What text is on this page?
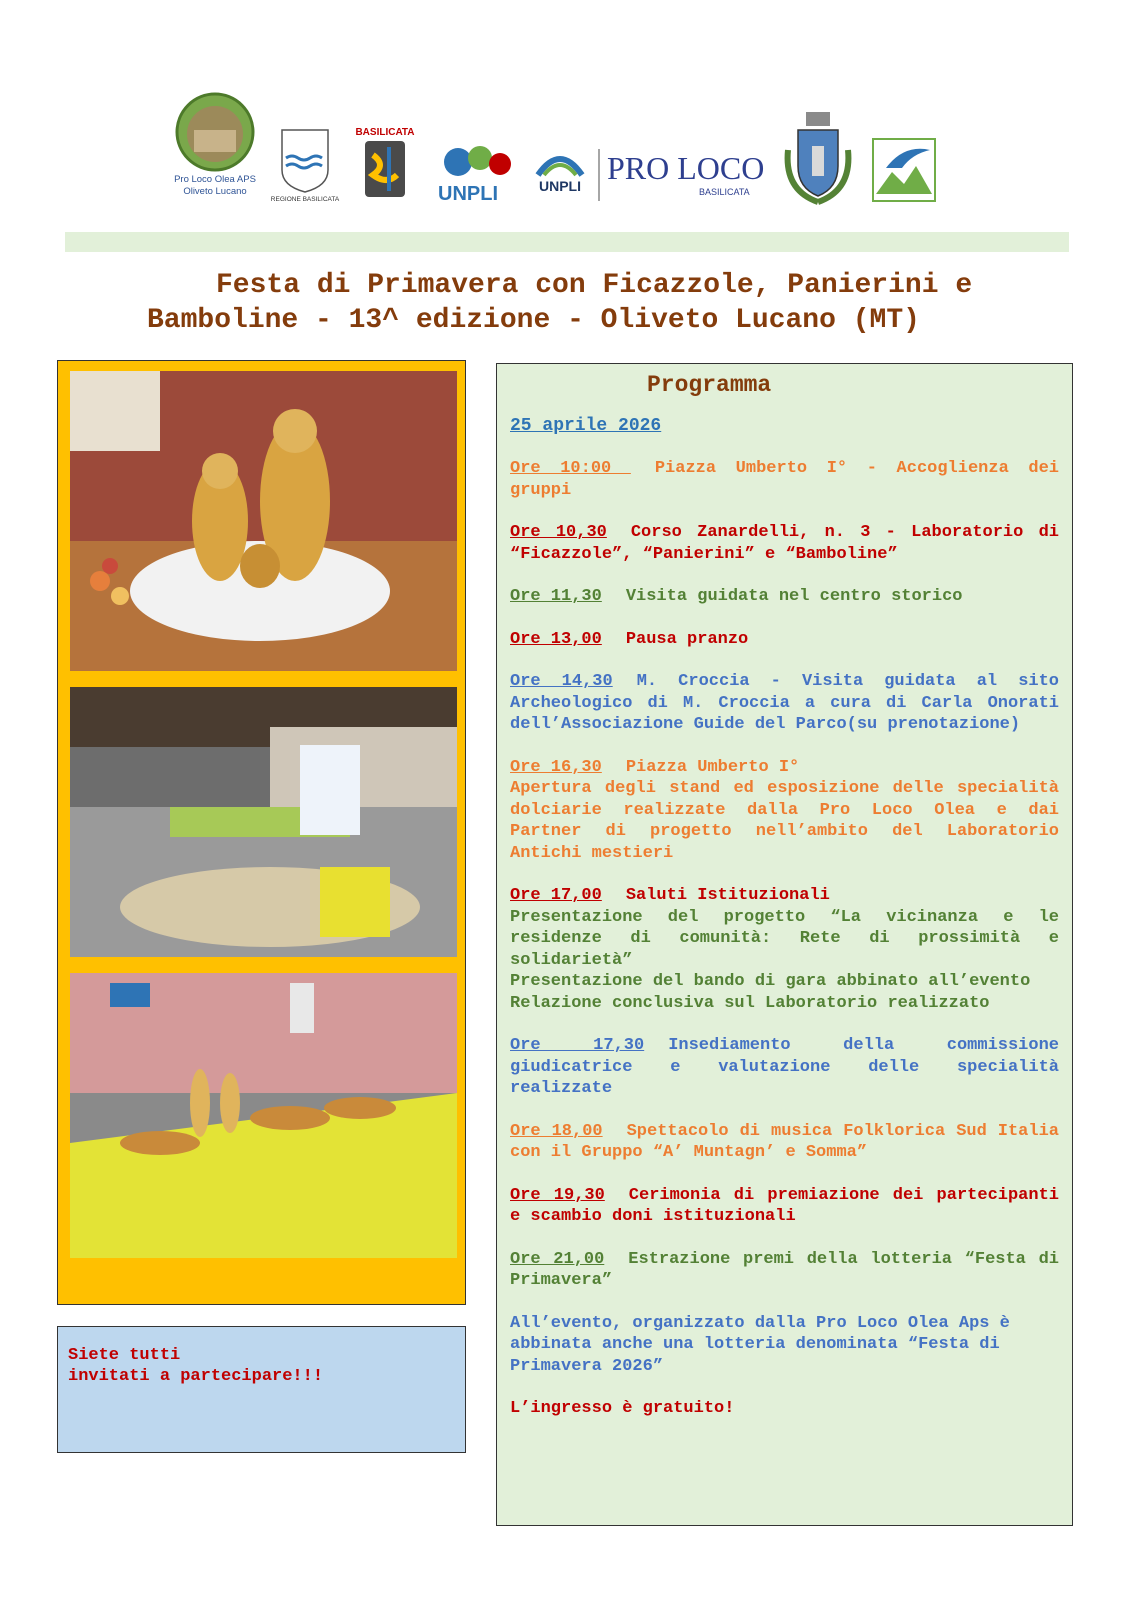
Pro Loco Olea APS
Oliveto Lucano
REGIONE BASILICATA
BASILICATA
UNPLI	UNPLI PRO LOCO
BASILICATA
Festa di Primavera con Ficazzole, Panierini e
Bamboline - 13^ edizione - Oliveto Lucano (MT)
Siete tutti
invitati a partecipare!!!
Programma
25 aprile 2026
Ore 10:00 Piazza Umberto I° - Accoglienza dei gruppi
Ore 10,30 Corso Zanardelli, n. 3 - Laboratorio di “Ficazzole”, “Panierini” e “Bamboline”
Ore 11,30 Visita guidata nel centro storico
Ore 13,00 Pausa pranzo
Ore 14,30 M. Croccia - Visita guidata al sito Archeologico di M. Croccia a cura di Carla Onorati dell’Associazione Guide del Parco(su prenotazione)
Ore 16,30 Piazza Umberto I°
Apertura degli stand ed esposizione delle specialità dolciarie realizzate dalla Pro Loco Olea e dai Partner di progetto nell’ambito del Laboratorio Antichi mestieri
Ore 17,00 Saluti Istituzionali
Presentazione del progetto “La vicinanza e le residenze di comunità: Rete di prossimità e solidarietà”
Presentazione del bando di gara abbinato all’evento
Relazione conclusiva sul Laboratorio realizzato
Ore 17,30 Insediamento della commissione giudicatrice e valutazione delle specialità realizzate
Ore 18,00 Spettacolo di musica Folklorica Sud Italia con il Gruppo “A’ Muntagn’ e Somma”
Ore 19,30 Cerimonia di premiazione dei partecipanti e scambio doni istituzionali
Ore 21,00 Estrazione premi della lotteria “Festa di Primavera”
All’evento, organizzato dalla Pro Loco Olea Aps è abbinata anche una lotteria denominata “Festa di Primavera 2026”
L’ingresso è gratuito!
